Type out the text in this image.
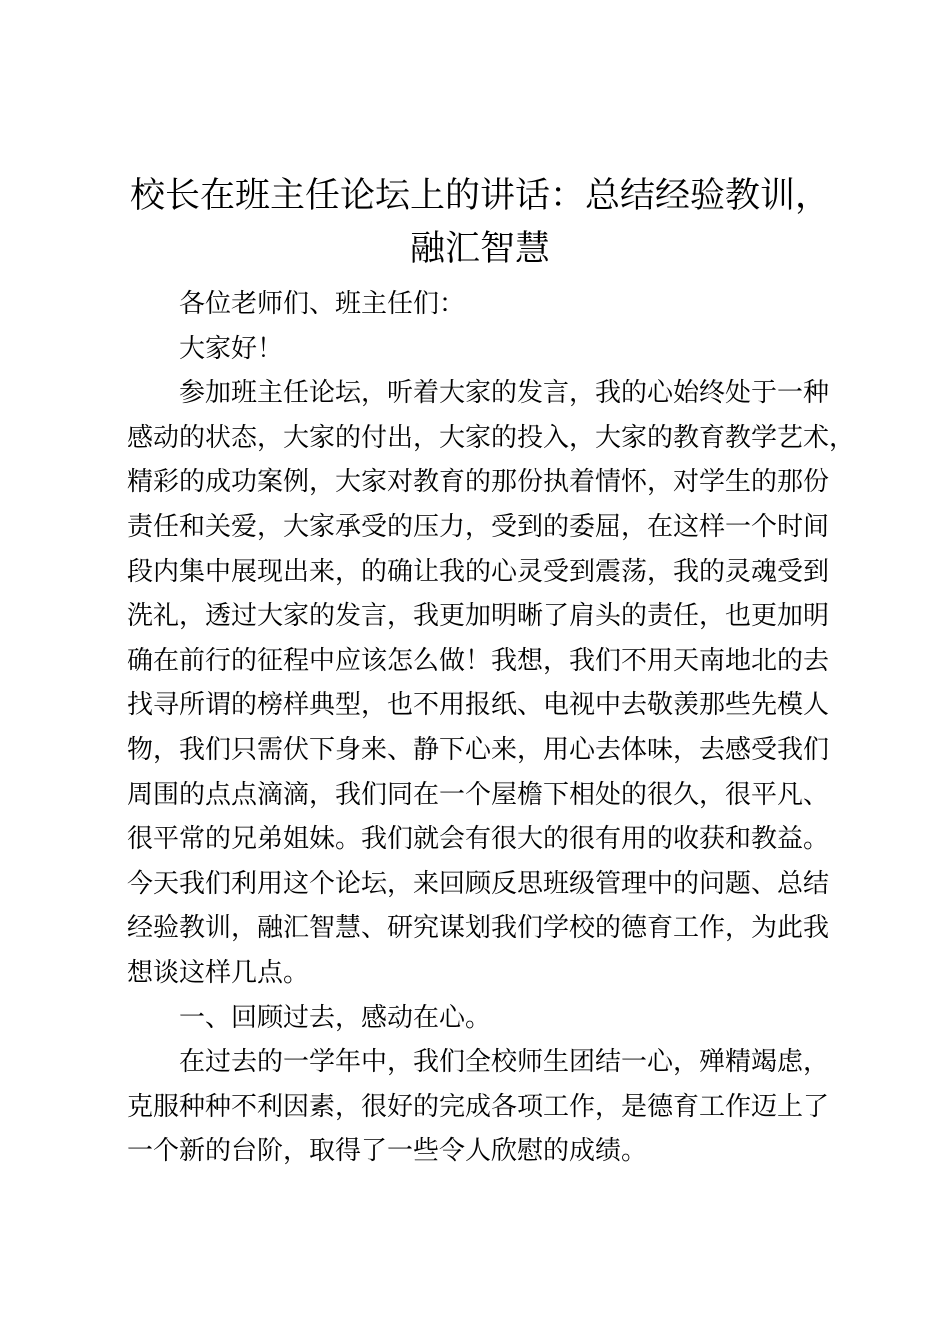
校长在班主任论坛上的讲话：总结经验教训，
融汇智慧

各位老师们、班主任们：

大家好！

参加班主任论坛，听着大家的发言，我的心始终处于一种
感动的状态，大家的付出，大家的投入，大家的教育教学艺术，
精彩的成功案例，大家对教育的那份执着情怀，对学生的那份
责任和关爱，大家承受的压力，受到的委屈，在这样一个时间
段内集中展现出来，的确让我的心灵受到震荡，我的灵魂受到
洗礼，透过大家的发言，我更加明晰了肩头的责任，也更加明
确在前行的征程中应该怎么做！我想，我们不用天南地北的去
找寻所谓的榜样典型，也不用报纸、电视中去敬羡那些先模人
物，我们只需伏下身来、静下心来，用心去体味，去感受我们
周围的点点滴滴，我们同在一个屋檐下相处的很久，很平凡、
很平常的兄弟姐妹。我们就会有很大的很有用的收获和教益。
今天我们利用这个论坛，来回顾反思班级管理中的问题、总结
经验教训，融汇智慧、研究谋划我们学校的德育工作，为此我
想谈这样几点。

一、回顾过去，感动在心。

在过去的一学年中，我们全校师生团结一心，殚精竭虑，
克服种种不利因素，很好的完成各项工作，是德育工作迈上了
一个新的台阶，取得了一些令人欣慰的成绩。
